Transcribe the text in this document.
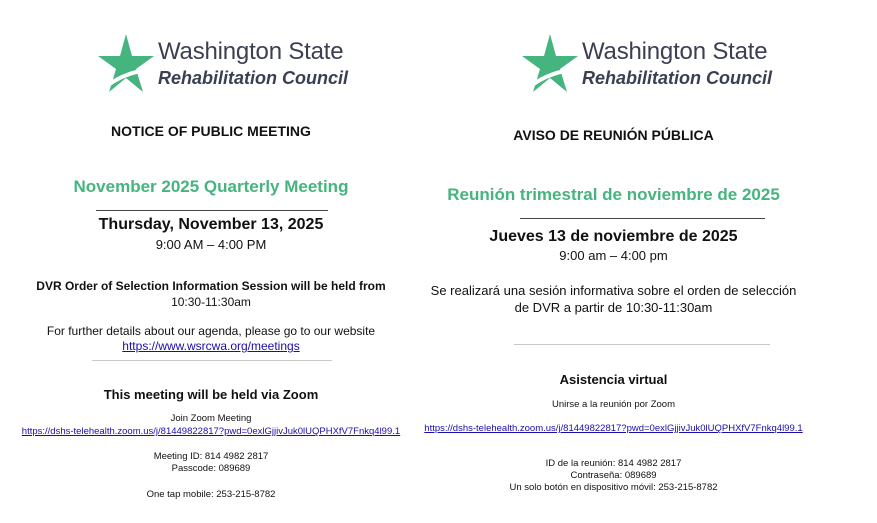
Washington State
Rehabilitation Council
NOTICE OF PUBLIC MEETING
November 2025 Quarterly Meeting
Thursday, November 13, 2025
9:00 AM – 4:00 PM
DVR Order of Selection Information Session will be held from
10:30-11:30am
For further details about our agenda, please go to our website
https://www.wsrcwa.org/meetings
This meeting will be held via Zoom
Join Zoom Meeting
https://dshs-telehealth.zoom.us/j/81449822817?pwd=0exlGjjivJuk0lUQPHXfV7Fnkq4l99.1
Meeting ID: 814 4982 2817
Passcode: 089689
One tap mobile: 253-215-8782
Washington State
Rehabilitation Council
AVISO DE REUNIÓN PÚBLICA
Reunión trimestral de noviembre de 2025
Jueves 13 de noviembre de 2025
9:00 am – 4:00 pm
Se realizará una sesión informativa sobre el orden de selección
de DVR a partir de 10:30-11:30am
Asistencia virtual
Unirse a la reunión por Zoom
https://dshs-telehealth.zoom.us/j/81449822817?pwd=0exlGjjivJuk0lUQPHXfV7Fnkq4l99.1
ID de la reunión: 814 4982 2817
Contraseña: 089689
Un solo botón en dispositivo móvil: 253-215-8782
